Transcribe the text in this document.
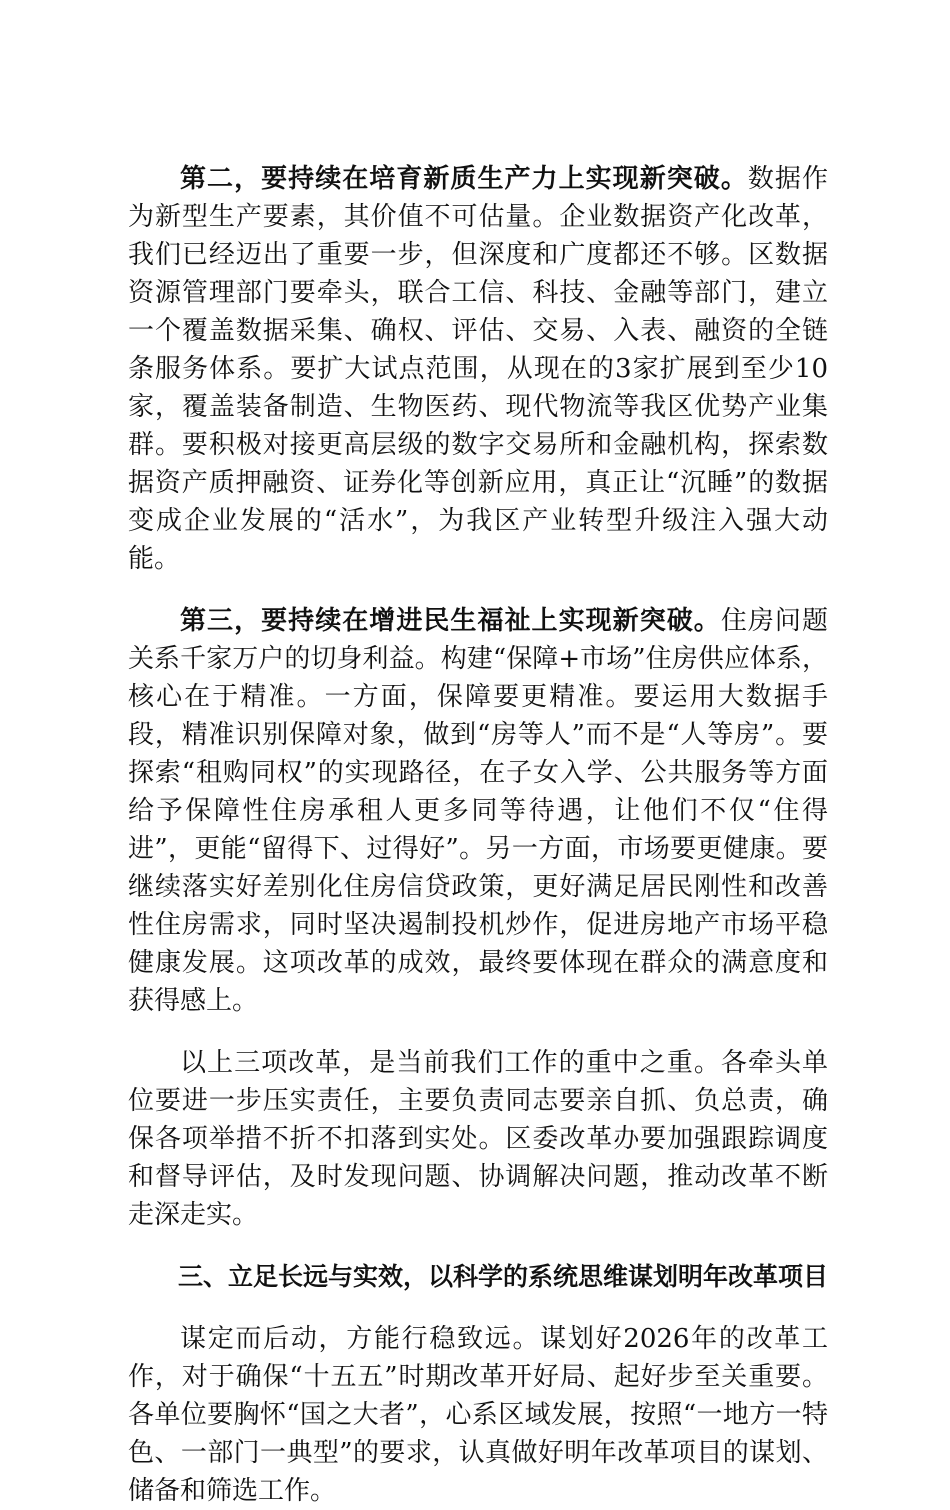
第二，要持续在培育新质生产力上实现新突破。数据作为新型生产要素，其价值不可估量。企业数据资产化改革，我们已经迈出了重要一步，但深度和广度都还不够。区数据资源管理部门要牵头，联合工信、科技、金融等部门，建立一个覆盖数据采集、确权、评估、交易、入表、融资的全链条服务体系。要扩大试点范围，从现在的3家扩展到至少10家，覆盖装备制造、生物医药、现代物流等我区优势产业集群。要积极对接更高层级的数字交易所和金融机构，探索数据资产质押融资、证券化等创新应用，真正让“沉睡”的数据变成企业发展的“活水”，为我区产业转型升级注入强大动能。

第三，要持续在增进民生福祉上实现新突破。住房问题关系千家万户的切身利益。构建“保障+市场”住房供应体系，核心在于精准。一方面，保障要更精准。要运用大数据手段，精准识别保障对象，做到“房等人”而不是“人等房”。要探索“租购同权”的实现路径，在子女入学、公共服务等方面给予保障性住房承租人更多同等待遇，让他们不仅“住得进”，更能“留得下、过得好”。另一方面，市场要更健康。要继续落实好差别化住房信贷政策，更好满足居民刚性和改善性住房需求，同时坚决遏制投机炒作，促进房地产市场平稳健康发展。这项改革的成效，最终要体现在群众的满意度和获得感上。

以上三项改革，是当前我们工作的重中之重。各牵头单位要进一步压实责任，主要负责同志要亲自抓、负总责，确保各项举措不折不扣落到实处。区委改革办要加强跟踪调度和督导评估，及时发现问题、协调解决问题，推动改革不断走深走实。

三、立足长远与实效，以科学的系统思维谋划明年改革项目

谋定而后动，方能行稳致远。谋划好2026年的改革工作，对于确保“十五五”时期改革开好局、起好步至关重要。各单位要胸怀“国之大者”，心系区域发展，按照“一地方一特色、一部门一典型”的要求，认真做好明年改革项目的谋划、储备和筛选工作。
